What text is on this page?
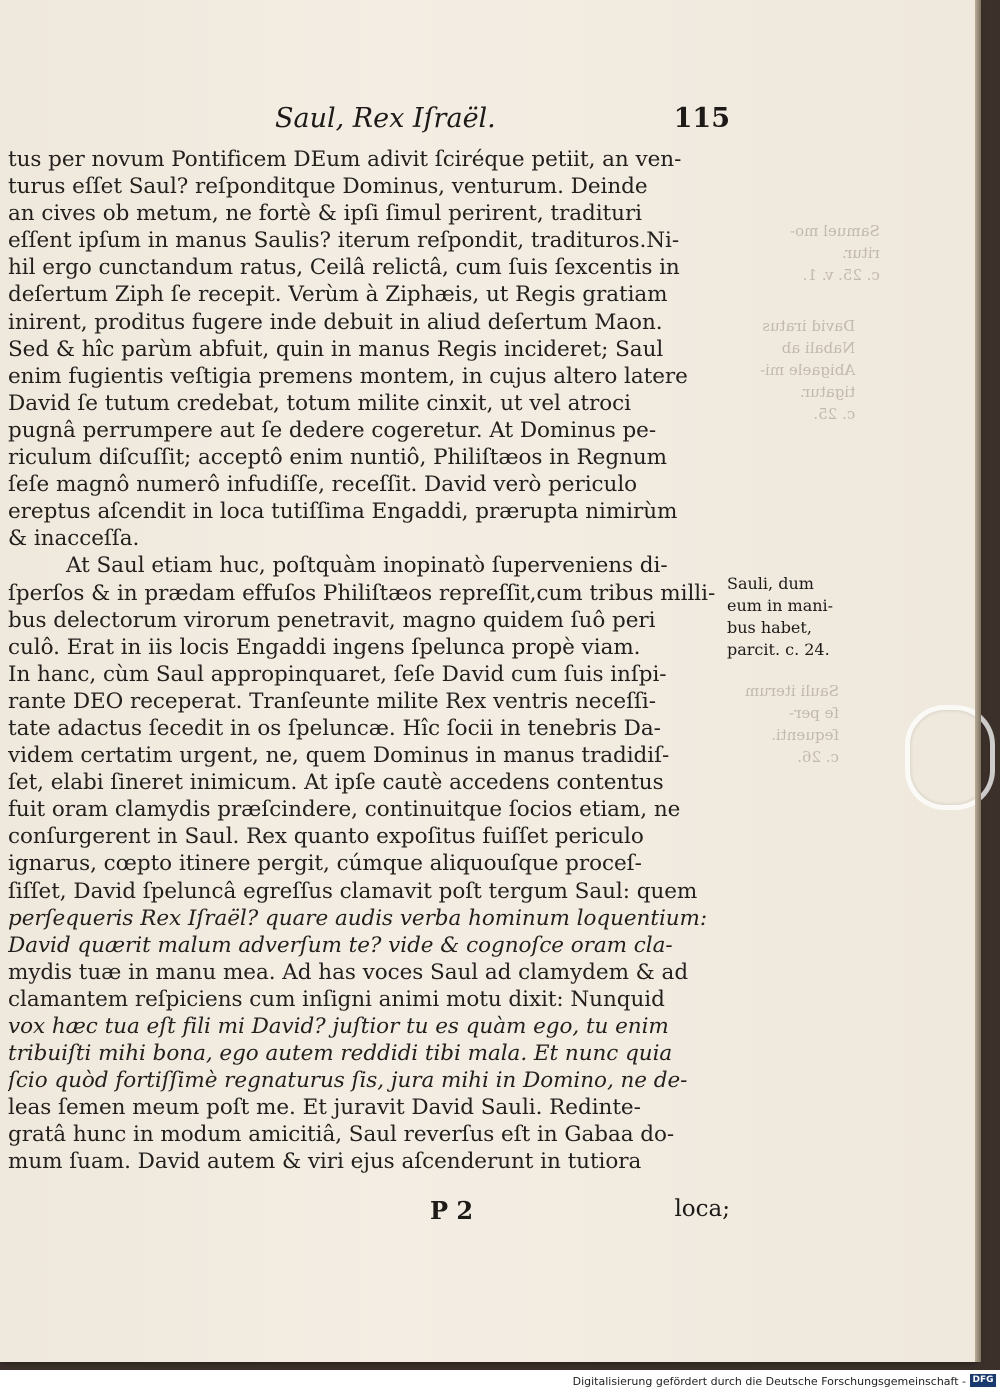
Samuel mo-
ritur.
c. 25. v. 1.
David iratus
Nabali ab
Abigaele mi-
tigatur.
c. 25.
Sauli iterum
ſe per-
ſequenti.
c. 26.
Saul, Rex Iſraël.	115
tus per novum Pontificem DEum adivit ſciréque petiit, an ven-
turus eſſet Saul? reſponditque Dominus, venturum. Deinde
an cives ob metum, ne fortè & ipſi ſimul perirent, tradituri
eſſent ipſum in manus Saulis? iterum reſpondit, tradituros.Ni-
hil ergo cunctandum ratus, Ceilâ relictâ, cum ſuis ſexcentis in
deſertum Ziph ſe recepit. Verùm à Ziphæis, ut Regis gratiam
inirent, proditus fugere inde debuit in aliud deſertum Maon.
Sed & hîc parùm abfuit, quin in manus Regis incideret; Saul
enim fugientis veſtigia premens montem, in cujus altero latere
David ſe tutum credebat, totum milite cinxit, ut vel atroci
pugnâ perrumpere aut ſe dedere cogeretur. At Dominus pe-
riculum diſcuſſit; acceptô enim nuntiô, Philiſtæos in Regnum
ſeſe magnô numerô infudiſſe, receſſit. David verò periculo
ereptus aſcendit in loca tutiſſima Engaddi, prærupta nimirùm
& inacceſſa.
At Saul etiam huc, poſtquàm inopinatò ſuperveniens di-
ſperſos & in prædam effuſos Philiſtæos repreſſit,cum tribus milli-
bus delectorum virorum penetravit, magno quidem ſuô peri
culô. Erat in iis locis Engaddi ingens ſpelunca propè viam.
In hanc, cùm Saul appropinquaret, ſeſe David cum ſuis inſpi-
rante DEO receperat. Tranſeunte milite Rex ventris neceſſi-
tate adactus ſecedit in os ſpeluncæ. Hîc ſocii in tenebris Da-
videm certatim urgent, ne, quem Dominus in manus tradidiſ-
ſet, elabi ſineret inimicum. At ipſe cautè accedens contentus
fuit oram clamydis præſcindere, continuitque ſocios etiam, ne
conſurgerent in Saul. Rex quanto expoſitus fuiſſet periculo
ignarus, cœpto itinere pergit, cúmque aliquouſque proceſ-
ſiſſet, David ſpeluncâ egreſſus clamavit poſt tergum Saul: quem
perſequeris Rex Iſraël? quare audis verba hominum loquentium:
David quærit malum adverſum te? vide & cognoſce oram cla-
mydis tuæ in manu mea. Ad has voces Saul ad clamydem & ad
clamantem reſpiciens cum inſigni animi motu dixit: Nunquid
vox hæc tua eſt fili mi David? juſtior tu es quàm ego, tu enim
tribuiſti mihi bona, ego autem reddidi tibi mala. Et nunc quia
ſcio quòd fortiſſimè regnaturus ſis, jura mihi in Domino, ne de-
leas ſemen meum poſt me. Et juravit David Sauli. Redinte-
gratâ hunc in modum amicitiâ, Saul reverſus eſt in Gabaa do-
mum ſuam. David autem & viri ejus aſcenderunt in tutiora
Sauli, dum
eum in mani-
bus habet,
parcit. c. 24.
P 2	loca;
Digitalisierung gefördert durch die Deutsche Forschungsgemeinschaft - DFG
